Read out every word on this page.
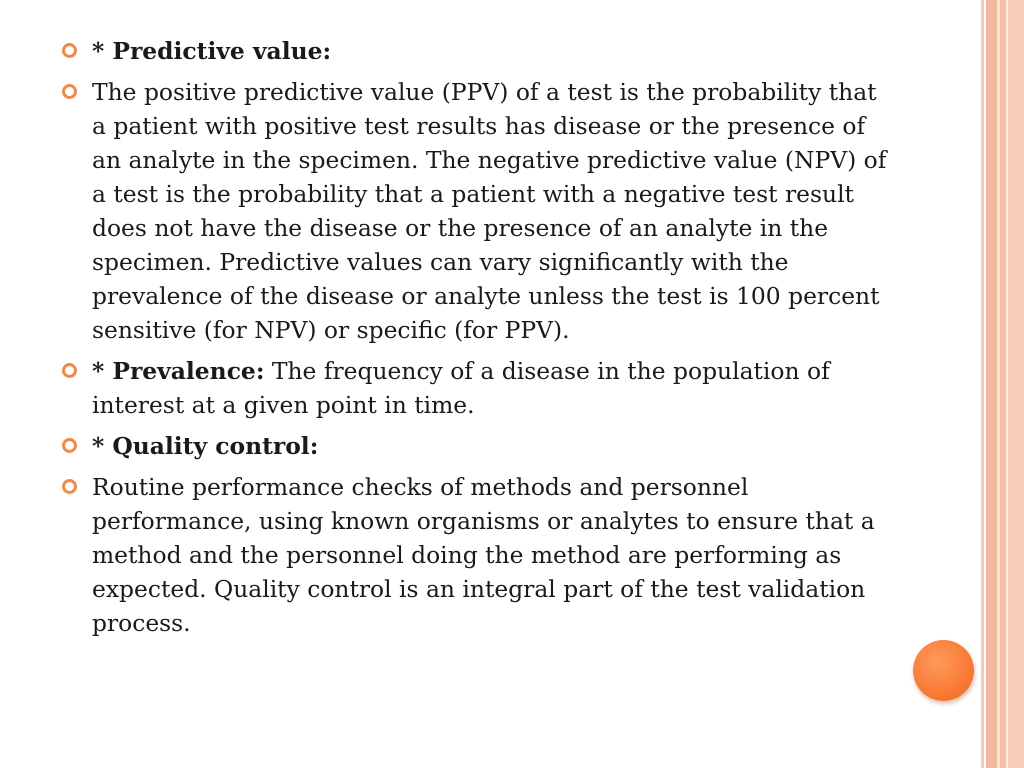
* Predictive value:
The positive predictive value (PPV) of a test is the probability that a patient with positive test results has disease or the presence of an analyte in the specimen. The negative predictive value (NPV) of a test is the probability that a patient with a negative test result does not have the disease or the presence of an analyte in the specimen. Predictive values can vary significantly with the prevalence of the disease or analyte unless the test is 100 percent sensitive (for NPV) or specific (for PPV).
* Prevalence: The frequency of a disease in the population of interest at a given point in time.
* Quality control:
Routine performance checks of methods and personnel performance, using known organisms or analytes to ensure that a method and the personnel doing the method are performing as expected. Quality control is an integral part of the test validation process.
